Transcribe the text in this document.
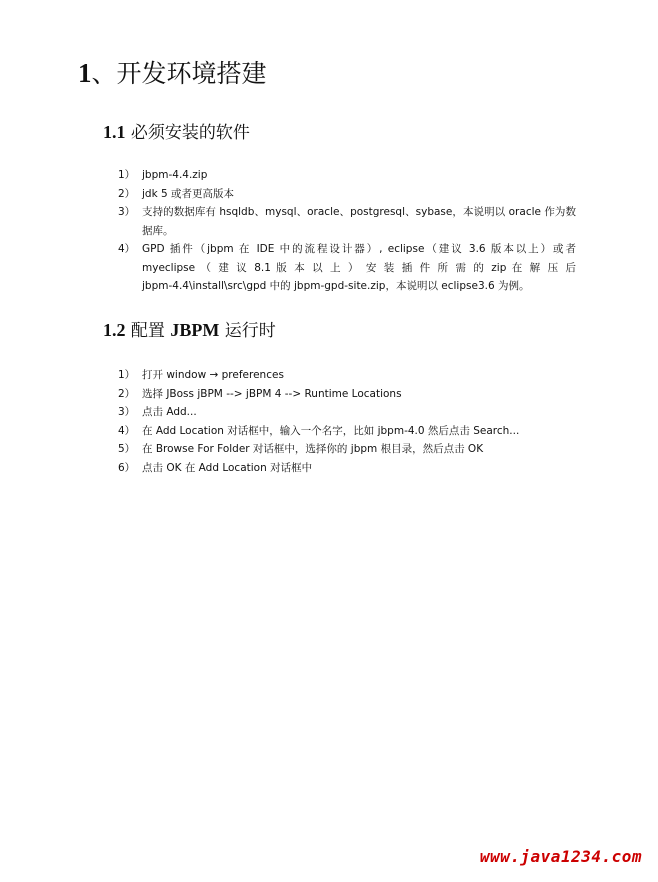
1、开发环境搭建
1.1 必须安装的软件
1） jbpm-4.4.zip
2） jdk 5 或者更高版本
3） 支持的数据库有 hsqldb、mysql、oracle、postgresql、sybase，本说明以 oracle 作为数据库。
4） GPD 插件（jbpm 在 IDE 中的流程设计器）, eclipse（建议 3.6 版本以上）或者
myeclipse （ 建 议 8.1 版 本 以 上 ） 安 装 插 件 所 需 的 zip 在 解 压 后
jbpm-4.4\install\src\gpd 中的 jbpm-gpd-site.zip，本说明以 eclipse3.6 为例。
1.2 配置 JBPM 运行时
1） 打开 window → preferences
2） 选择 JBoss jBPM --> jBPM 4 --> Runtime Locations
3） 点击 Add...
4） 在 Add Location 对话框中，输入一个名字，比如 jbpm-4.0 然后点击 Search...
5） 在 Browse For Folder 对话框中，选择你的 jbpm 根目录，然后点击 OK
6） 点击 OK 在 Add Location 对话框中
www.java1234.com
